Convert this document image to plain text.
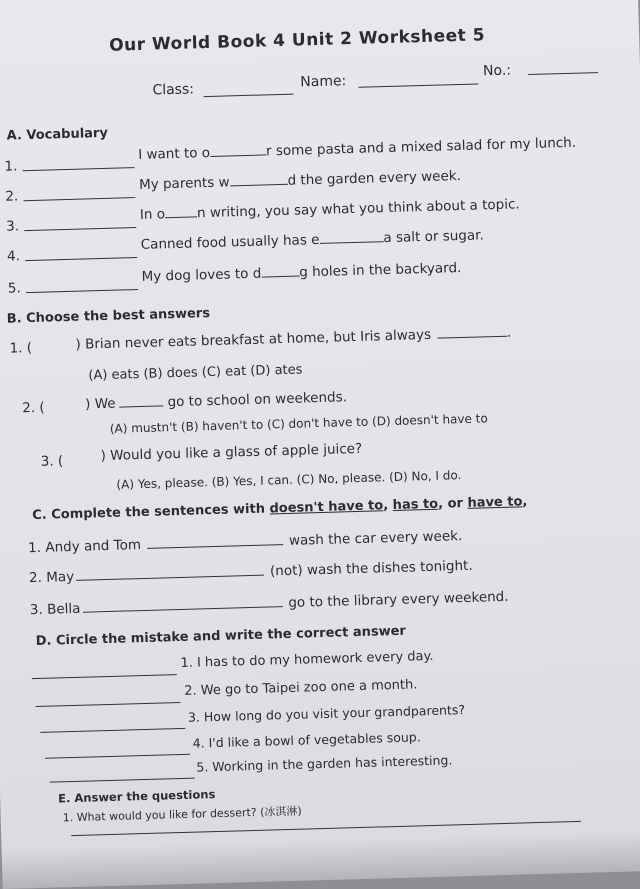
Our World Book 4 Unit 2 Worksheet 5
Class:	Name:
No.:
A. Vocabulary
1.
I want to o	r some pasta and a mixed salad for my lunch.
2.
My parents w	d the garden every week.
3.
In o n writing, you say what you think about a topic.
4.
Canned food usually has e	a salt or sugar.
5.
My dog loves to d	g holes in the backyard.
B. Choose the best answers
1. (	) Brian never eats breakfast at home, but Iris always	.
(A) eats (B) does (C) eat (D) ates
2. (	) We	go to school on weekends.
(A) mustn't (B) haven't to (C) don't have to (D) doesn't have to
3. (	) Would you like a glass of apple juice?
(A) Yes, please. (B) Yes, I can. (C) No, please. (D) No, I do.
C. Complete the sentences with doesn't have to, has to, or have to,
1. Andy and Tom	wash the car every week.
2. May	(not) wash the dishes tonight.
3. Bella	go to the library every weekend.
D. Circle the mistake and write the correct answer
1. I has to do my homework every day.
2. We go to Taipei zoo one a month.
3. How long do you visit your grandparents?
4. I'd like a bowl of vegetables soup.
5. Working in the garden has interesting.
E. Answer the questions
1. What would you like for dessert? (冰淇淋)
